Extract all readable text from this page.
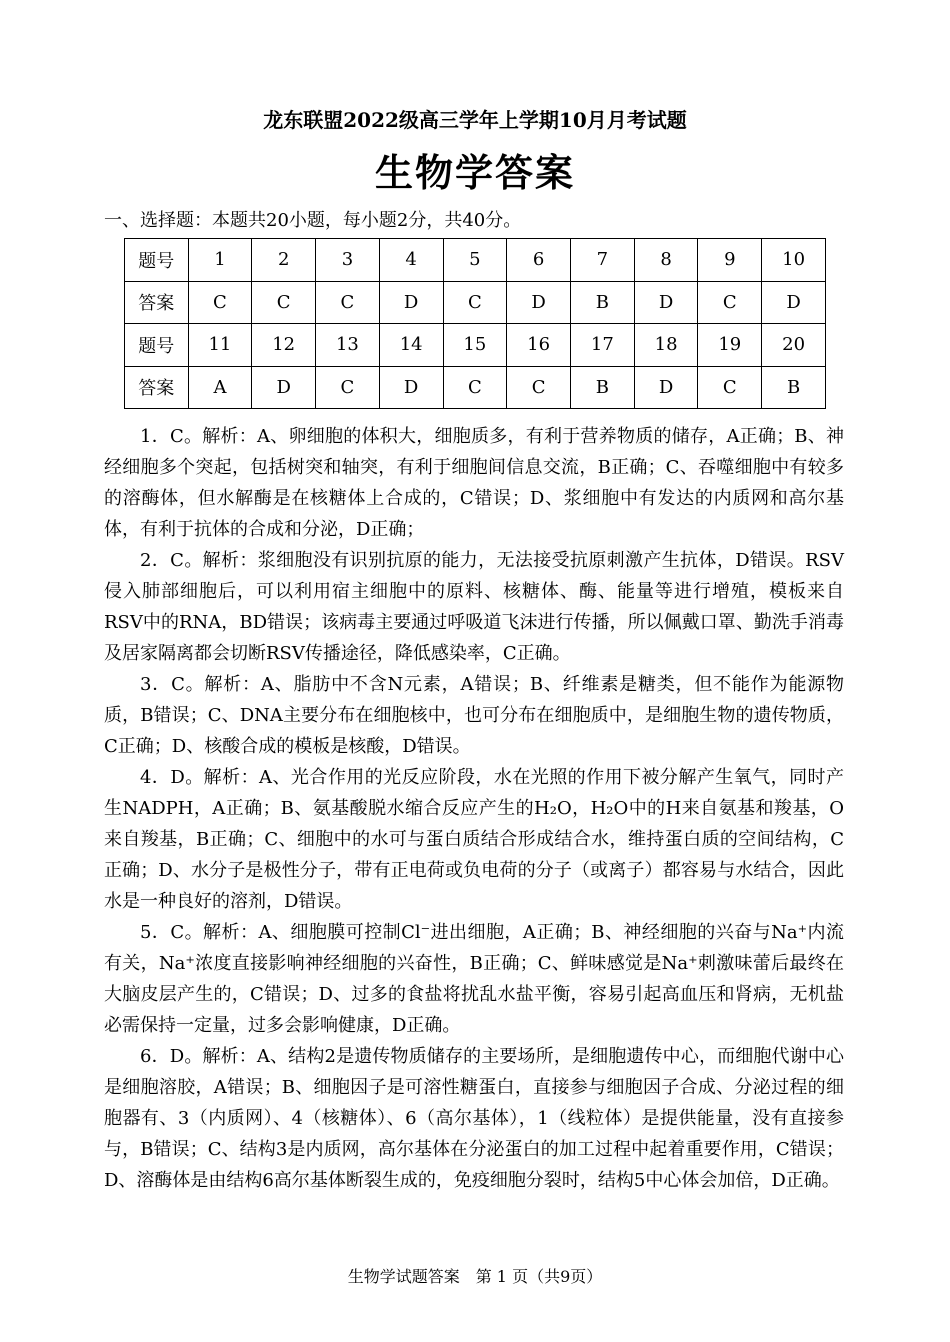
龙东联盟2022级高三学年上学期10月月考试题
生物学答案
一、选择题：本题共20小题，每小题2分，共40分。
题号	1	2	3	4	5	6	7	8	9	10
答案	C	C	C	D	C	D	B	D	C	D
题号	11	12	13	14	15	16	17	18	19	20
答案	A	D	C	D	C	C	B	D	C	B

1．C。解析：A、卵细胞的体积大，细胞质多，有利于营养物质的储存，A正确；B、神经细胞多个突起，包括树突和轴突，有利于细胞间信息交流，B正确；C、吞噬细胞中有较多的溶酶体，但水解酶是在核糖体上合成的，C错误；D、浆细胞中有发达的内质网和高尔基体，有利于抗体的合成和分泌，D正确；

2．C。解析：浆细胞没有识别抗原的能力，无法接受抗原刺激产生抗体，D错误。RSV侵入肺部细胞后，可以利用宿主细胞中的原料、核糖体、酶、能量等进行增殖，模板来自RSV中的RNA，BD错误；该病毒主要通过呼吸道飞沫进行传播，所以佩戴口罩、勤洗手消毒及居家隔离都会切断RSV传播途径，降低感染率，C正确。

3．C。解析：A、脂肪中不含N元素，A错误；B、纤维素是糖类，但不能作为能源物质，B错误；C、DNA主要分布在细胞核中，也可分布在细胞质中，是细胞生物的遗传物质，C正确；D、核酸合成的模板是核酸，D错误。

4．D。解析：A、光合作用的光反应阶段，水在光照的作用下被分解产生氧气，同时产生NADPH，A正确；B、氨基酸脱水缩合反应产生的H₂O，H₂O中的H来自氨基和羧基，O来自羧基，B正确；C、细胞中的水可与蛋白质结合形成结合水，维持蛋白质的空间结构，C正确；D、水分子是极性分子，带有正电荷或负电荷的分子（或离子）都容易与水结合，因此水是一种良好的溶剂，D错误。

5．C。解析：A、细胞膜可控制Cl⁻进出细胞，A正确；B、神经细胞的兴奋与Na⁺内流有关，Na⁺浓度直接影响神经细胞的兴奋性，B正确；C、鲜味感觉是Na⁺刺激味蕾后最终在大脑皮层产生的，C错误；D、过多的食盐将扰乱水盐平衡，容易引起高血压和肾病，无机盐必需保持一定量，过多会影响健康，D正确。

6．D。解析：A、结构2是遗传物质储存的主要场所，是细胞遗传中心，而细胞代谢中心是细胞溶胶，A错误；B、细胞因子是可溶性糖蛋白，直接参与细胞因子合成、分泌过程的细胞器有、3（内质网）、4（核糖体）、6（高尔基体），1（线粒体）是提供能量，没有直接参与，B错误；C、结构3是内质网，高尔基体在分泌蛋白的加工过程中起着重要作用，C错误；D、溶酶体是由结构6高尔基体断裂生成的，免疫细胞分裂时，结构5中心体会加倍，D正确。

生物学试题答案　第 1 页（共9页）
